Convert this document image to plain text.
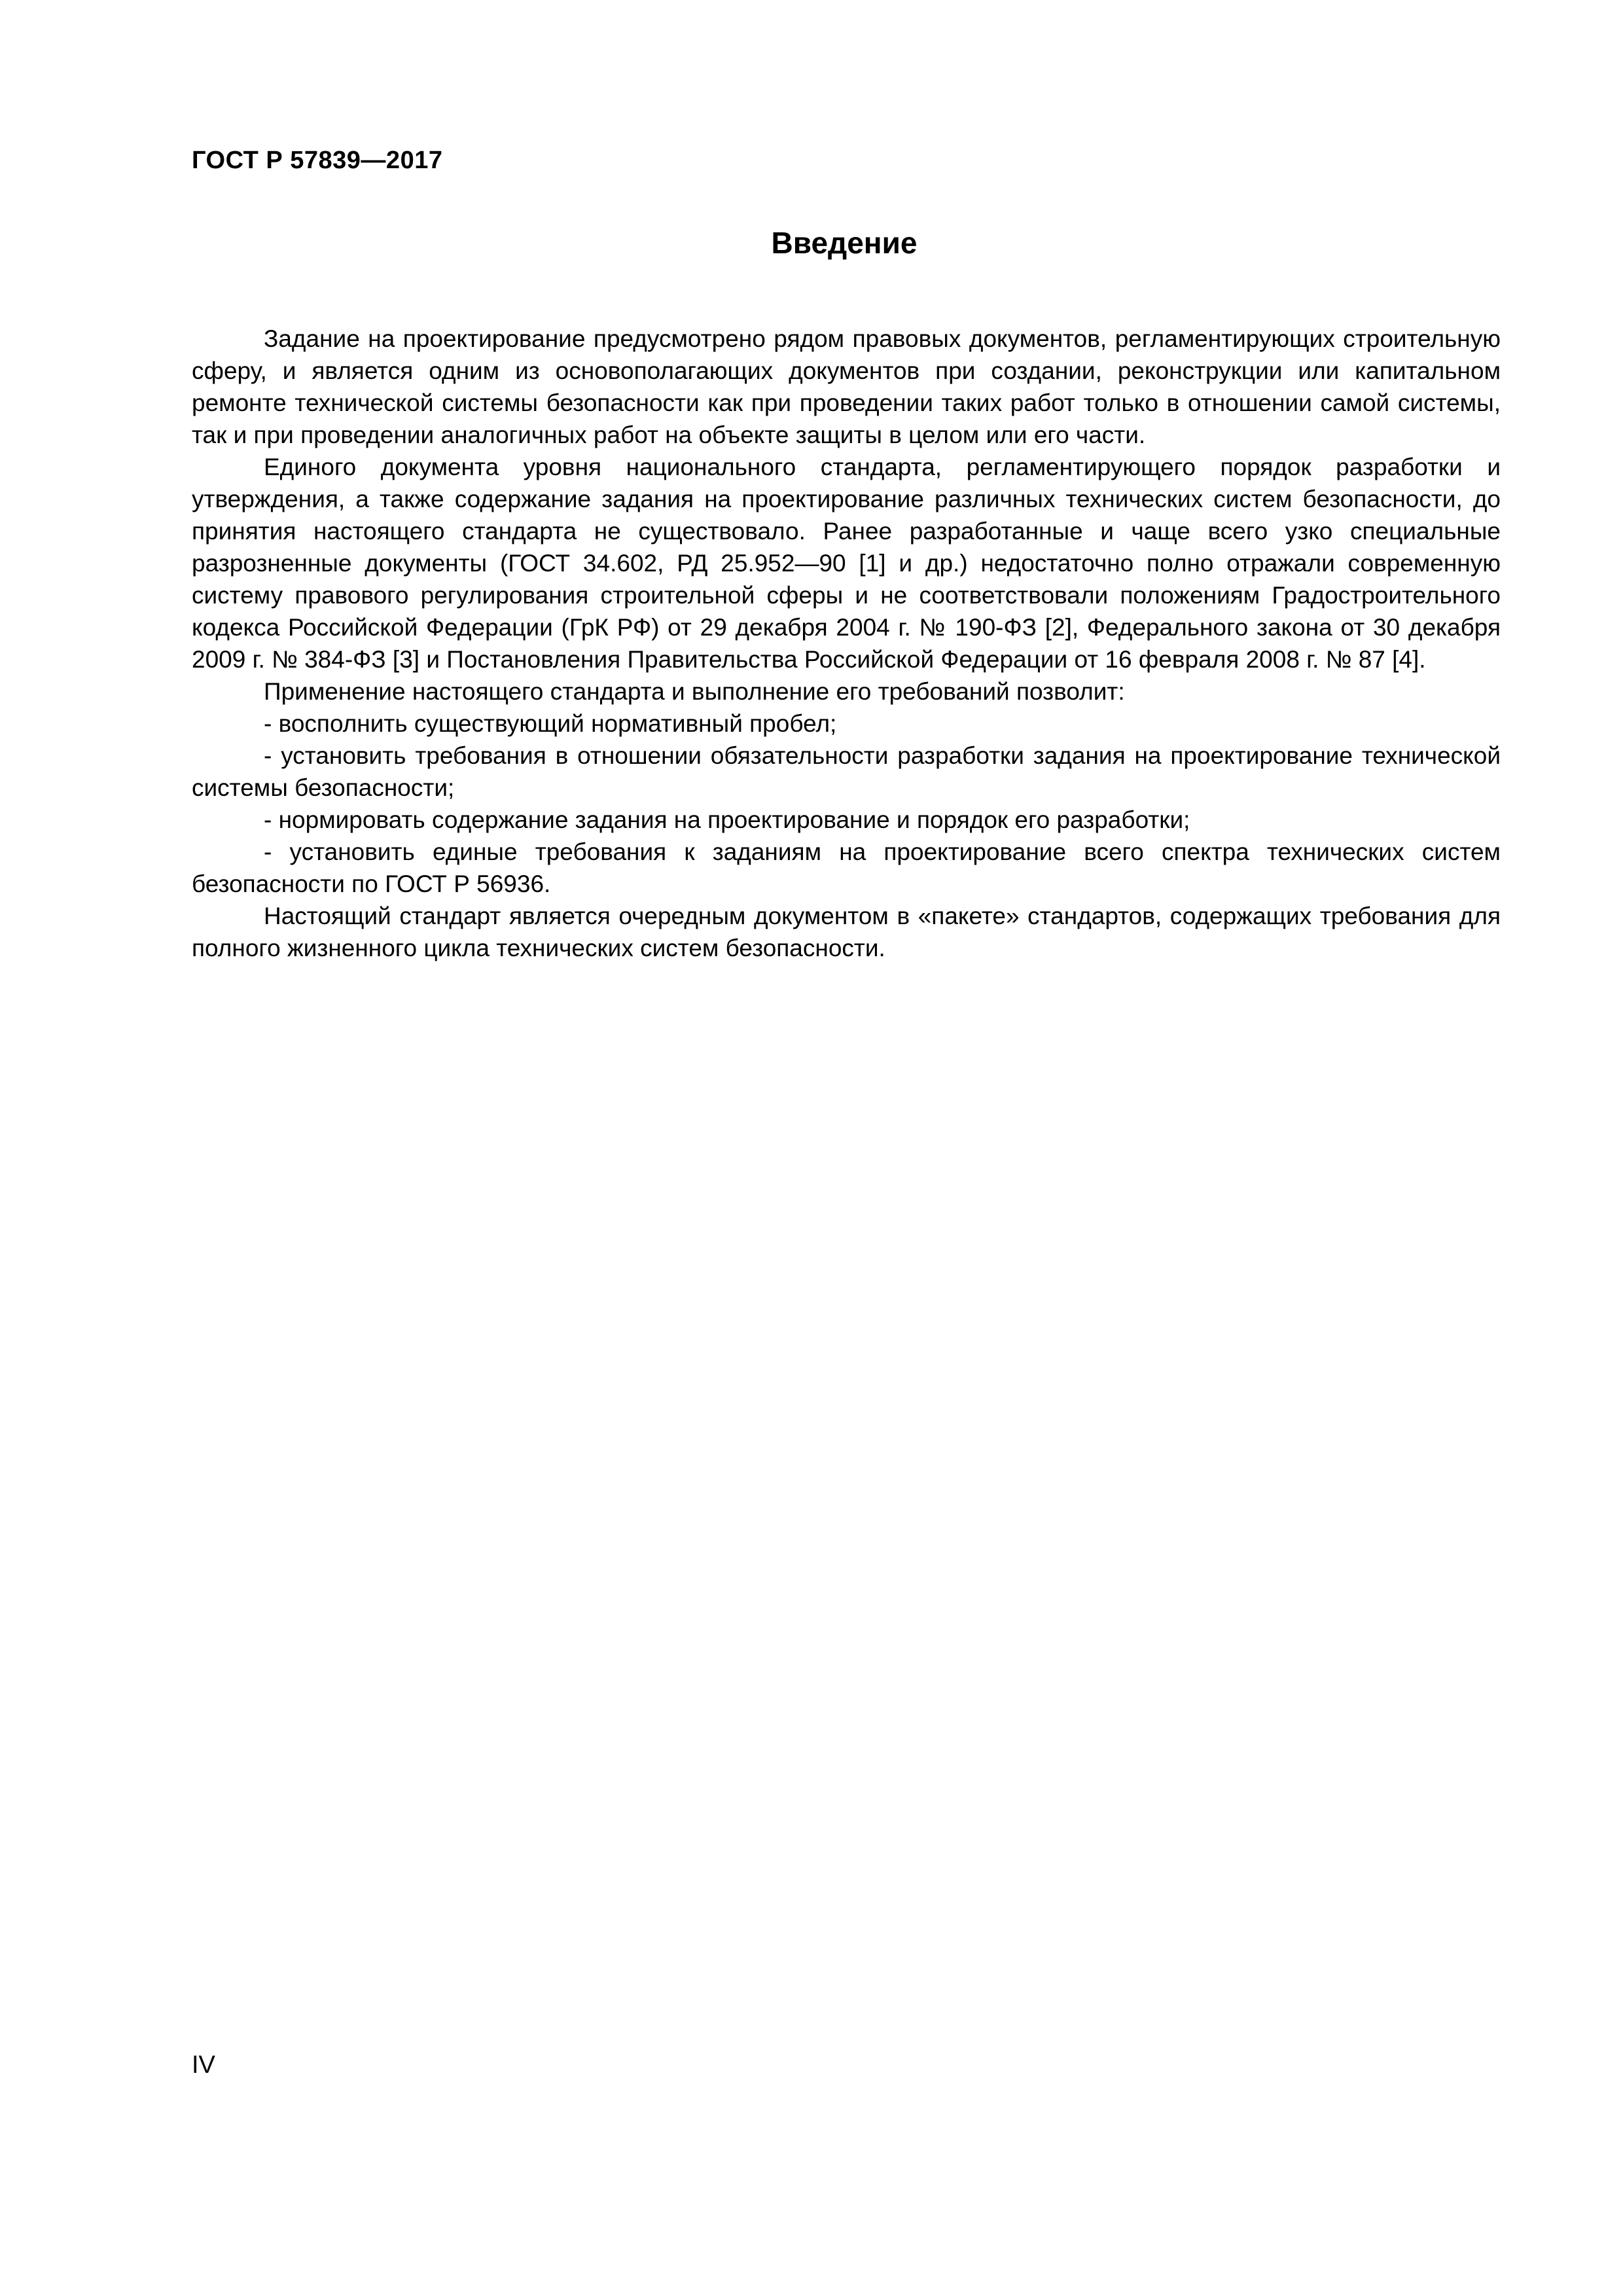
ГОСТ Р 57839—2017
Введение

Задание на проектирование предусмотрено рядом правовых документов, регламентирующих строительную сферу, и является одним из основополагающих документов при создании, реконструкции или капитальном ремонте технической системы безопасности как при проведении таких работ только в отношении самой системы, так и при проведении аналогичных работ на объекте защиты в целом или его части.

Единого документа уровня национального стандарта, регламентирующего порядок разработки и утверждения, а также содержание задания на проектирование различных технических систем безопасности, до принятия настоящего стандарта не существовало. Ранее разработанные и чаще всего узко специальные разрозненные документы (ГОСТ 34.602, РД 25.952—90 [1] и др.) недостаточно полно отражали современную систему правового регулирования строительной сферы и не соответствовали положениям Градостроительного кодекса Российской Федерации (ГрК РФ) от 29 декабря 2004 г. № 190-ФЗ [2], Федерального закона от 30 декабря 2009 г. № 384-ФЗ [3] и Постановления Правительства Российской Федерации от 16 февраля 2008 г. № 87 [4].

Применение настоящего стандарта и выполнение его требований позволит:

- восполнить существующий нормативный пробел;

- установить требования в отношении обязательности разработки задания на проектирование технической системы безопасности;

- нормировать содержание задания на проектирование и порядок его разработки;

- установить единые требования к заданиям на проектирование всего спектра технических систем безопасности по ГОСТ Р 56936.

Настоящий стандарт является очередным документом в «пакете» стандартов, содержащих требования для полного жизненного цикла технических систем безопасности.

IV
